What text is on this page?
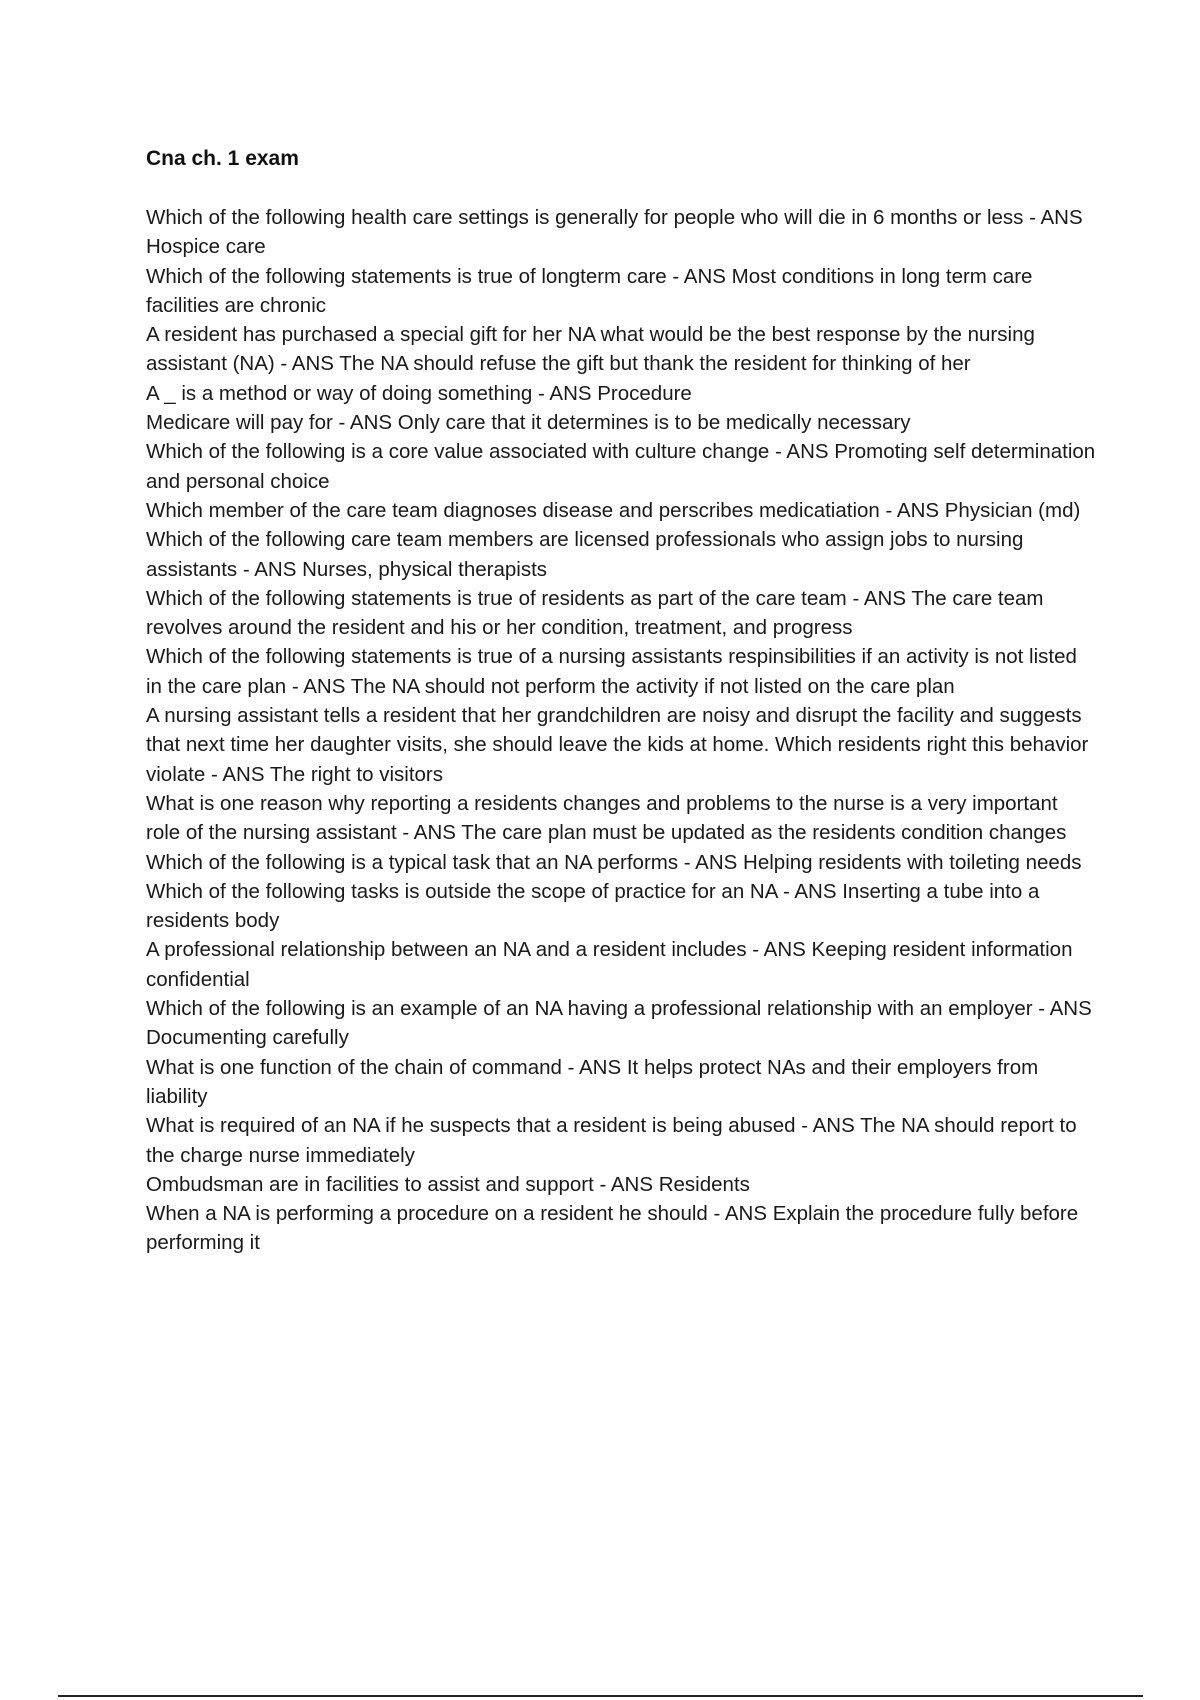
Cna ch. 1 exam
Which of the following health care settings is generally for people who will die in 6 months or less - ANS Hospice care
Which of the following statements is true of longterm care - ANS Most conditions in long term care facilities are chronic
A resident has purchased a special gift for her NA what would be the best response by the nursing assistant (NA) - ANS The NA should refuse the gift but thank the resident for thinking of her
A _ is a method or way of doing something - ANS Procedure
Medicare will pay for - ANS Only care that it determines is to be medically necessary
Which of the following is a core value associated with culture change - ANS Promoting self determination and personal choice
Which member of the care team diagnoses disease and perscribes medicatiation - ANS Physician (md)
Which of the following care team members are licensed professionals who assign jobs to nursing assistants - ANS Nurses, physical therapists
Which of the following statements is true of residents as part of the care team - ANS The care team revolves around the resident and his or her condition, treatment, and progress
Which of the following statements is true of a nursing assistants respinsibilities if an activity is not listed in the care plan - ANS The NA should not perform the activity if not listed on the care plan
A nursing assistant tells a resident that her grandchildren are noisy and disrupt the facility and suggests that next time her daughter visits, she should leave the kids at home. Which residents right this behavior violate - ANS The right to visitors
What is one reason why reporting a residents changes and problems to the nurse is a very important role of the nursing assistant - ANS The care plan must be updated as the residents condition changes
Which of the following is a typical task that an NA performs - ANS Helping residents with toileting needs
Which of the following tasks is outside the scope of practice for an NA - ANS Inserting a tube into a residents body
A professional relationship between an NA and a resident includes - ANS Keeping resident information confidential
Which of the following is an example of an NA having a professional relationship with an employer - ANS Documenting carefully
What is one function of the chain of command - ANS It helps protect NAs and their employers from liability
What is required of an NA if he suspects that a resident is being abused - ANS The NA should report to the charge nurse immediately
Ombudsman are in facilities to assist and support - ANS Residents
When a NA is performing a procedure on a resident he should - ANS Explain the procedure fully before performing it
